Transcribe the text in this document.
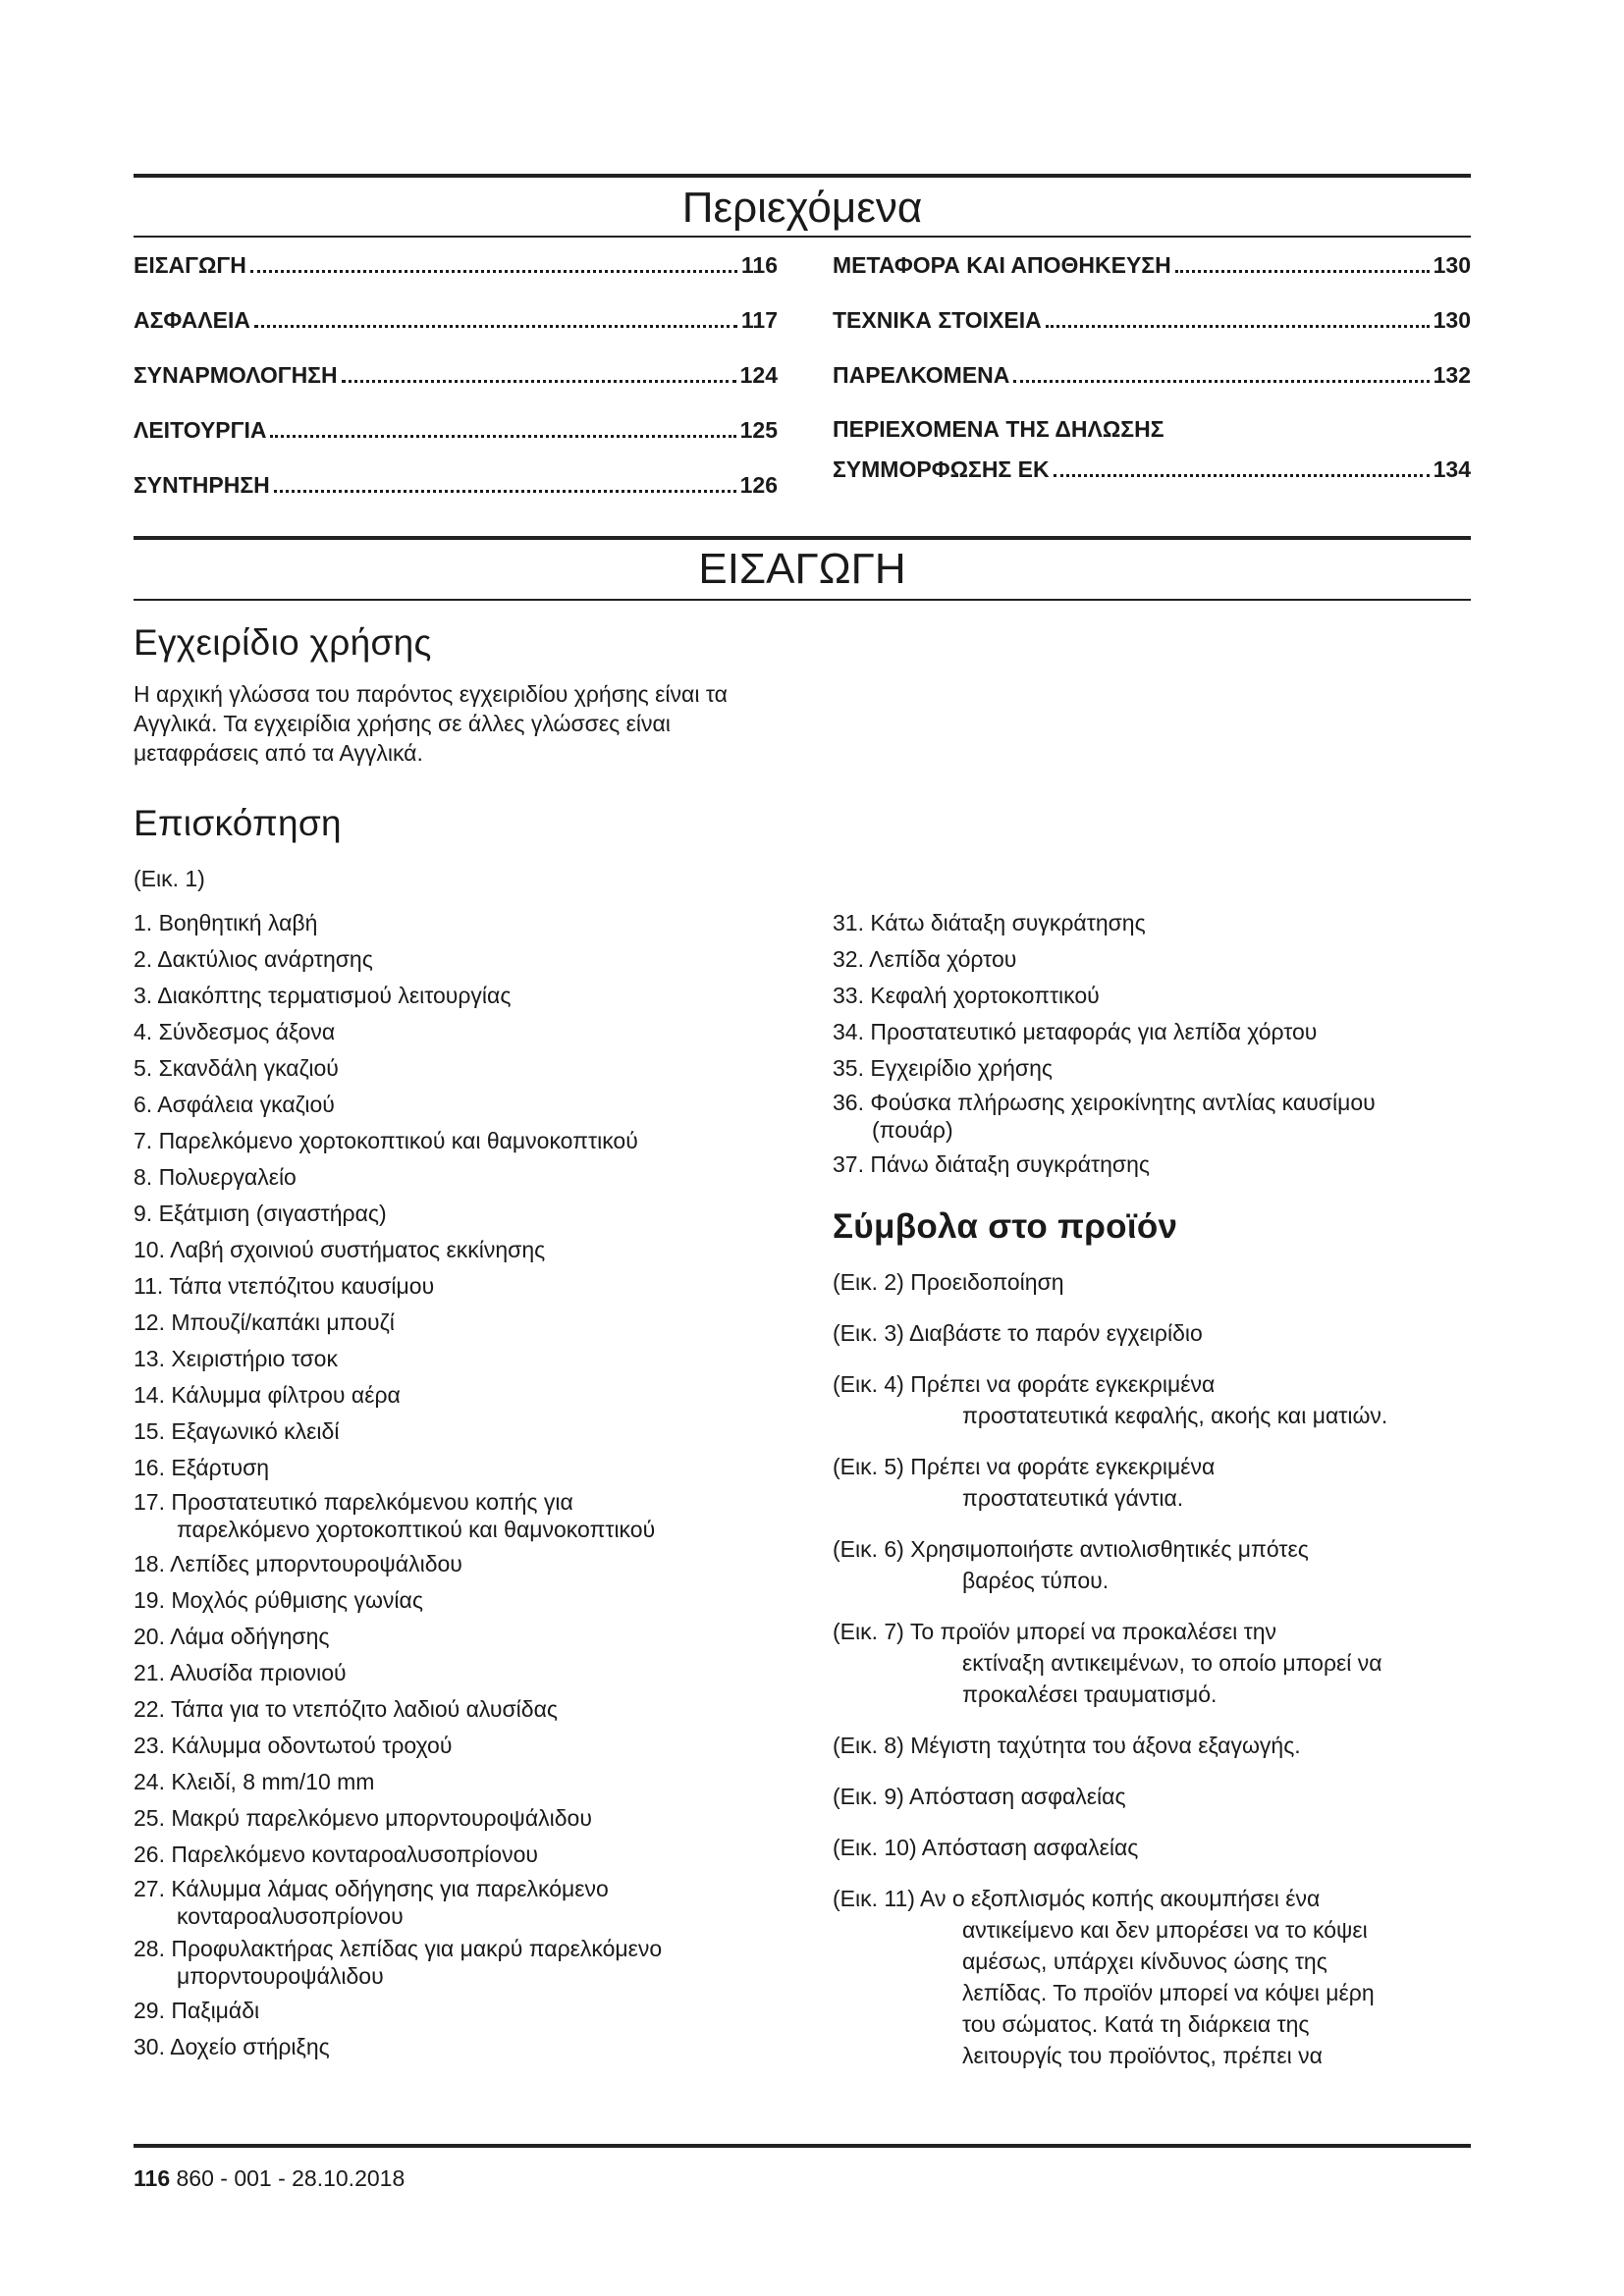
Περιεχόμενα
ΕΙΣΑΓΩΓΗ	116
ΑΣΦΑΛΕΙΑ	117
ΣΥΝΑΡΜΟΛΟΓΗΣΗ	124
ΛΕΙΤΟΥΡΓΙΑ	125
ΣΥΝΤΗΡΗΣΗ	126
ΜΕΤΑΦΟΡΑ ΚΑΙ ΑΠΟΘΗΚΕΥΣΗ	130
ΤΕΧΝΙΚΑ ΣΤΟΙΧΕΙΑ	130
ΠΑΡΕΛΚΟΜΕΝΑ	132
ΠΕΡΙΕΧΟΜΕΝΑ ΤΗΣ ΔΗΛΩΣΗΣ
ΣΥΜΜΟΡΦΩΣΗΣ ΕΚ	134
ΕΙΣΑΓΩΓΗ
Εγχειρίδιο χρήσης

Η αρχική γλώσσα του παρόντος εγχειριδίου χρήσης είναι τα Αγγλικά. Τα εγχειρίδια χρήσης σε άλλες γλώσσες είναι μεταφράσεις από τα Αγγλικά.

Επισκόπηση
(Εικ. 1)
1. Βοηθητική λαβή
2. Δακτύλιος ανάρτησης
3. Διακόπτης τερματισμού λειτουργίας
4. Σύνδεσμος άξονα
5. Σκανδάλη γκαζιού
6. Ασφάλεια γκαζιού
7. Παρελκόμενο χορτοκοπτικού και θαμνοκοπτικού
8. Πολυεργαλείο
9. Εξάτμιση (σιγαστήρας)
10. Λαβή σχοινιού συστήματος εκκίνησης
11. Τάπα ντεπόζιτου καυσίμου
12. Μπουζί/καπάκι μπουζί
13. Χειριστήριο τσοκ
14. Κάλυμμα φίλτρου αέρα
15. Εξαγωνικό κλειδί
16. Εξάρτυση
17. Προστατευτικό παρελκόμενου κοπής για
παρελκόμενο χορτοκοπτικού και θαμνοκοπτικού
18. Λεπίδες μπορντουροψάλιδου
19. Μοχλός ρύθμισης γωνίας
20. Λάμα οδήγησης
21. Αλυσίδα πριονιού
22. Τάπα για το ντεπόζιτο λαδιού αλυσίδας
23. Κάλυμμα οδοντωτού τροχού
24. Κλειδί, 8 mm/10 mm
25. Μακρύ παρελκόμενο μπορντουροψάλιδου
26. Παρελκόμενο κονταροαλυσοπρίονου
27. Κάλυμμα λάμας οδήγησης για παρελκόμενο
κονταροαλυσοπρίονου
28. Προφυλακτήρας λεπίδας για μακρύ παρελκόμενο
μπορντουροψάλιδου
29. Παξιμάδι
30. Δοχείο στήριξης
31. Κάτω διάταξη συγκράτησης
32. Λεπίδα χόρτου
33. Κεφαλή χορτοκοπτικού
34. Προστατευτικό μεταφοράς για λεπίδα χόρτου
35. Εγχειρίδιο χρήσης
36. Φούσκα πλήρωσης χειροκίνητης αντλίας καυσίμου
(πουάρ)
37. Πάνω διάταξη συγκράτησης
Σύμβολα στο προϊόν
(Εικ. 2) Προειδοποίηση
(Εικ. 3) Διαβάστε το παρόν εγχειρίδιο
(Εικ. 4) Πρέπει να φοράτε εγκεκριμένα
προστατευτικά κεφαλής, ακοής και ματιών.
(Εικ. 5) Πρέπει να φοράτε εγκεκριμένα
προστατευτικά γάντια.
(Εικ. 6) Χρησιμοποιήστε αντιολισθητικές μπότες
βαρέος τύπου.
(Εικ. 7) Το προϊόν μπορεί να προκαλέσει την
εκτίναξη αντικειμένων, το οποίο μπορεί να
προκαλέσει τραυματισμό.
(Εικ. 8) Μέγιστη ταχύτητα του άξονα εξαγωγής.
(Εικ. 9) Απόσταση ασφαλείας
(Εικ. 10) Απόσταση ασφαλείας
(Εικ. 11) Αν ο εξοπλισμός κοπής ακουμπήσει ένα
αντικείμενο και δεν μπορέσει να το κόψει
αμέσως, υπάρχει κίνδυνος ώσης της
λεπίδας. Το προϊόν μπορεί να κόψει μέρη
του σώματος. Κατά τη διάρκεια της
λειτουργίς του προϊόντος, πρέπει να
116 860 - 001 - 28.10.2018
